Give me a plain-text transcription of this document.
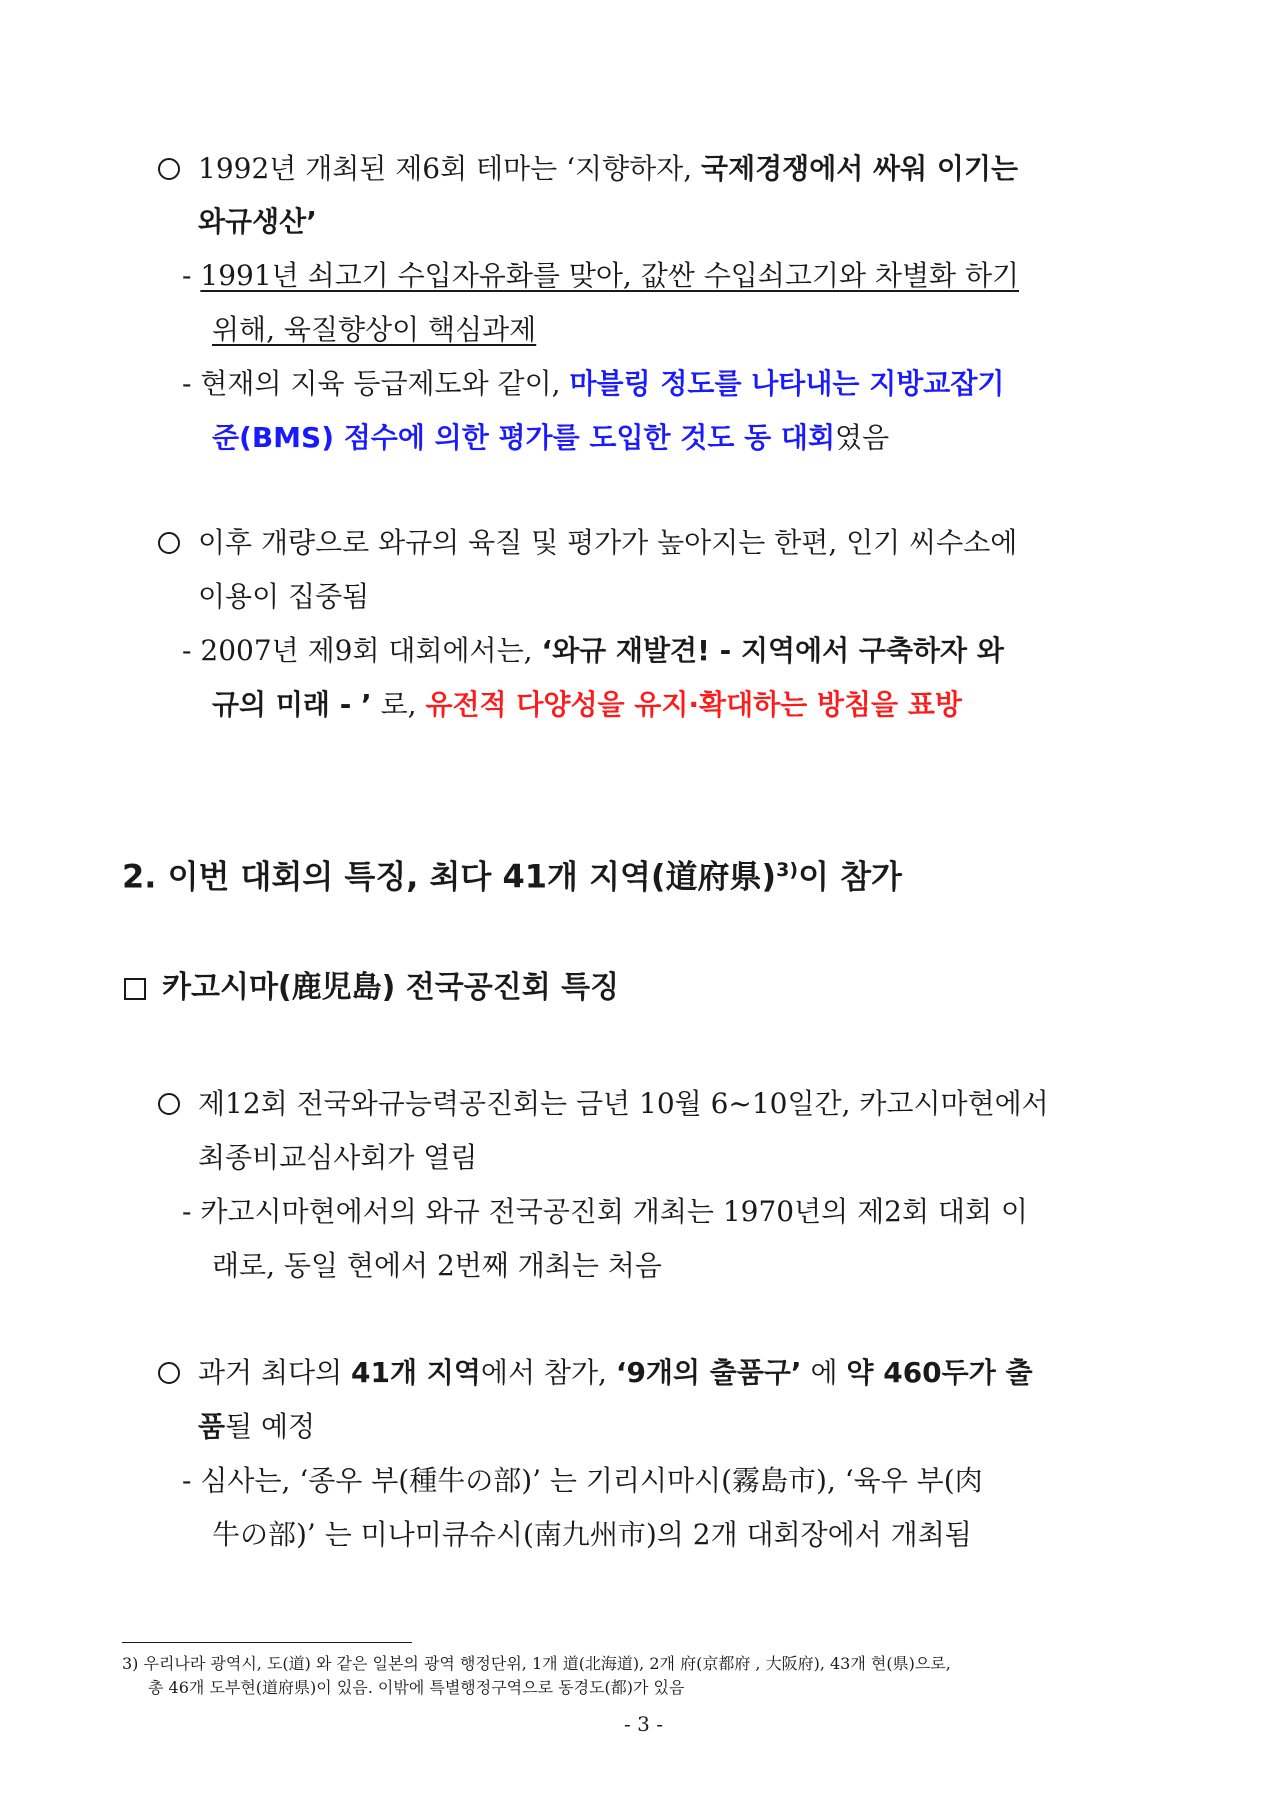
1992년 개최된 제6회 테마는 ‘지향하자, 국제경쟁에서 싸워 이기는
와규생산’
- 1991년 쇠고기 수입자유화를 맞아, 값싼 수입쇠고기와 차별화 하기
위해, 육질향상이 핵심과제
- 현재의 지육 등급제도와 같이, 마블링 정도를 나타내는 지방교잡기
준(BMS) 점수에 의한 평가를 도입한 것도 동 대회였음
이후 개량으로 와규의 육질 및 평가가 높아지는 한편, 인기 씨수소에
이용이 집중됨
- 2007년 제9회 대회에서는, ‘와규 재발견! - 지역에서 구축하자 와
규의 미래 - ’ 로, 유전적 다양성을 유지·확대하는 방침을 표방
2. 이번 대회의 특징, 최다 41개 지역(道府県)$^{3)}$이 참가
카고시마(鹿児島) 전국공진회 특징
제12회 전국와규능력공진회는 금년 10월 6~10일간, 카고시마현에서
최종비교심사회가 열림
- 카고시마현에서의 와규 전국공진회 개최는 1970년의 제2회 대회 이
래로, 동일 현에서 2번째 개최는 처음
과거 최다의 41개 지역에서 참가, ‘9개의 출품구’ 에 약 460두가 출
품될 예정
- 심사는, ‘종우 부(種牛の部)’ 는 기리시마시(霧島市), ‘육우 부(肉
牛の部)’ 는 미나미큐슈시(南九州市)의 2개 대회장에서 개최됨
3) 우리나라 광역시, 도(道) 와 같은 일본의 광역 행정단위, 1개 道(北海道), 2개 府(京都府 , 大阪府), 43개 현(県)으로,
총 46개 도부현(道府県)이 있음. 이밖에 특별행정구역으로 동경도(都)가 있음
- 3 -
